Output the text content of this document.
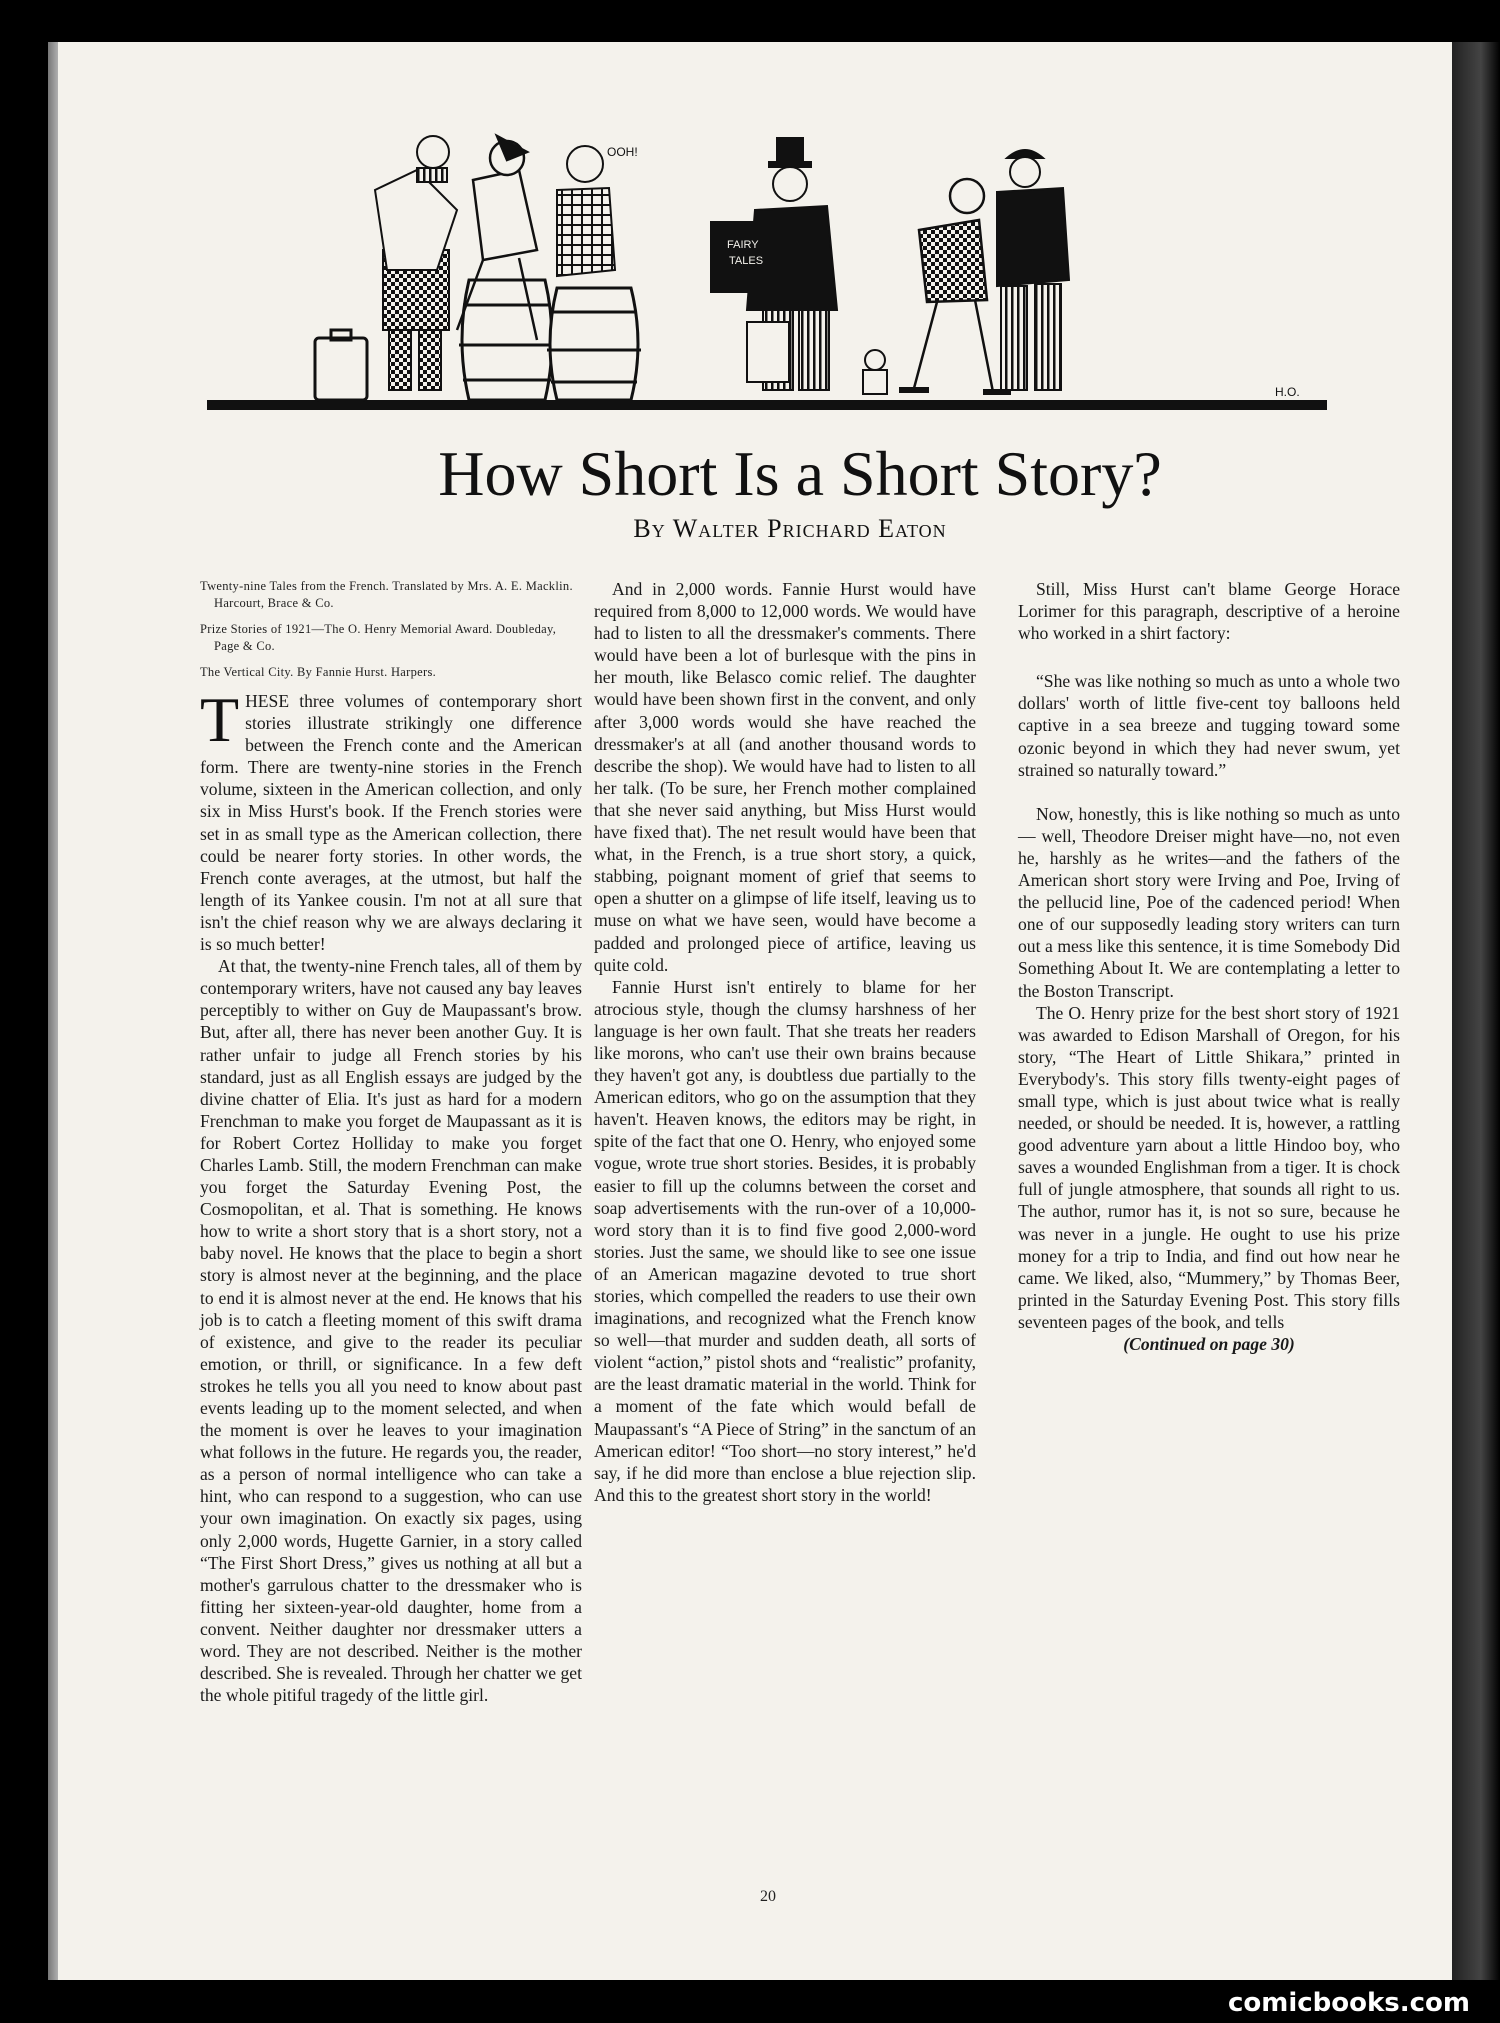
OOH!
FAIRY
TALES
H.O.
How Short Is a Short Story?
By Walter Prichard Eaton

Twenty-nine Tales from the French. Translated by Mrs. A. E. Macklin. Harcourt, Brace & Co.

Prize Stories of 1921—The O. Henry Memorial Award. Doubleday, Page & Co.

The Vertical City. By Fannie Hurst. Harpers.

THESE three volumes of contemporary short stories illustrate strikingly one difference between the French conte and the American form. There are twenty-nine stories in the French volume, sixteen in the American collection, and only six in Miss Hurst's book. If the French stories were set in as small type as the American collection, there could be nearer forty stories. In other words, the French conte averages, at the utmost, but half the length of its Yankee cousin. I'm not at all sure that isn't the chief reason why we are always declaring it is so much better!

At that, the twenty-nine French tales, all of them by contemporary writers, have not caused any bay leaves perceptibly to wither on Guy de Maupassant's brow. But, after all, there has never been another Guy. It is rather unfair to judge all French stories by his standard, just as all English essays are judged by the divine chatter of Elia. It's just as hard for a modern Frenchman to make you forget de Maupassant as it is for Robert Cortez Holliday to make you forget Charles Lamb. Still, the modern Frenchman can make you forget the Saturday Evening Post, the Cosmopolitan, et al. That is something. He knows how to write a short story that is a short story, not a baby novel. He knows that the place to begin a short story is almost never at the beginning, and the place to end it is almost never at the end. He knows that his job is to catch a fleeting moment of this swift drama of existence, and give to the reader its peculiar emotion, or thrill, or significance. In a few deft strokes he tells you all you need to know about past events leading up to the moment selected, and when the moment is over he leaves to your imagination what follows in the future. He regards you, the reader, as a person of normal intelligence who can take a hint, who can respond to a suggestion, who can use your own imagination. On exactly six pages, using only 2,000 words, Hugette Garnier, in a story called “The First Short Dress,” gives us nothing at all but a mother's garrulous chatter to the dressmaker who is fitting her sixteen-year-old daughter, home from a convent. Neither daughter nor dressmaker utters a word. They are not described. Neither is the mother described. She is revealed. Through her chatter we get the whole pitiful tragedy of the little girl.

And in 2,000 words. Fannie Hurst would have required from 8,000 to 12,000 words. We would have had to listen to all the dressmaker's comments. There would have been a lot of burlesque with the pins in her mouth, like Belasco comic relief. The daughter would have been shown first in the convent, and only after 3,000 words would she have reached the dressmaker's at all (and another thousand words to describe the shop). We would have had to listen to all her talk. (To be sure, her French mother complained that she never said anything, but Miss Hurst would have fixed that). The net result would have been that what, in the French, is a true short story, a quick, stabbing, poignant moment of grief that seems to open a shutter on a glimpse of life itself, leaving us to muse on what we have seen, would have become a padded and prolonged piece of artifice, leaving us quite cold.

Fannie Hurst isn't entirely to blame for her atrocious style, though the clumsy harshness of her language is her own fault. That she treats her readers like morons, who can't use their own brains because they haven't got any, is doubtless due partially to the American editors, who go on the assumption that they haven't. Heaven knows, the editors may be right, in spite of the fact that one O. Henry, who enjoyed some vogue, wrote true short stories. Besides, it is probably easier to fill up the columns between the corset and soap advertisements with the run-over of a 10,000-word story than it is to find five good 2,000-word stories. Just the same, we should like to see one issue of an American magazine devoted to true short stories, which compelled the readers to use their own imaginations, and recognized what the French know so well—that murder and sudden death, all sorts of violent “action,” pistol shots and “realistic” profanity, are the least dramatic material in the world. Think for a moment of the fate which would befall de Maupassant's “A Piece of String” in the sanctum of an American editor! “Too short—no story interest,” he'd say, if he did more than enclose a blue rejection slip. And this to the greatest short story in the world!

Still, Miss Hurst can't blame George Horace Lorimer for this paragraph, descriptive of a heroine who worked in a shirt factory:

“She was like nothing so much as unto a whole two dollars' worth of little five-cent toy balloons held captive in a sea breeze and tugging toward some ozonic beyond in which they had never swum, yet strained so naturally toward.”

Now, honestly, this is like nothing so much as unto — well, Theodore Dreiser might have—no, not even he, harshly as he writes—and the fathers of the American short story were Irving and Poe, Irving of the pellucid line, Poe of the cadenced period! When one of our supposedly leading story writers can turn out a mess like this sentence, it is time Somebody Did Something About It. We are contemplating a letter to the Boston Transcript.

The O. Henry prize for the best short story of 1921 was awarded to Edison Marshall of Oregon, for his story, “The Heart of Little Shikara,” printed in Everybody's. This story fills twenty-eight pages of small type, which is just about twice what is really needed, or should be needed. It is, however, a rattling good adventure yarn about a little Hindoo boy, who saves a wounded Englishman from a tiger. It is chock full of jungle atmosphere, that sounds all right to us. The author, rumor has it, is not so sure, because he was never in a jungle. He ought to use his prize money for a trip to India, and find out how near he came. We liked, also, “Mummery,” by Thomas Beer, printed in the Saturday Evening Post. This story fills seventeen pages of the book, and tells

(Continued on page 30)

20
comicbooks.com
